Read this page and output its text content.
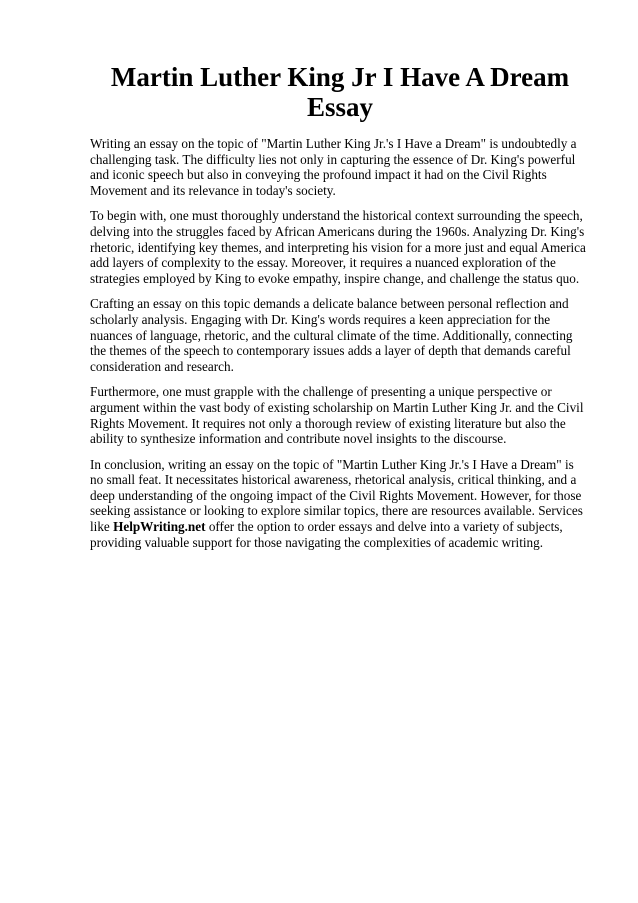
Martin Luther King Jr I Have A Dream Essay

Writing an essay on the topic of "Martin Luther King Jr.'s I Have a Dream" is undoubtedly a challenging task. The difficulty lies not only in capturing the essence of Dr. King's powerful and iconic speech but also in conveying the profound impact it had on the Civil Rights Movement and its relevance in today's society.

To begin with, one must thoroughly understand the historical context surrounding the speech, delving into the struggles faced by African Americans during the 1960s. Analyzing Dr. King's rhetoric, identifying key themes, and interpreting his vision for a more just and equal America add layers of complexity to the essay. Moreover, it requires a nuanced exploration of the strategies employed by King to evoke empathy, inspire change, and challenge the status quo.

Crafting an essay on this topic demands a delicate balance between personal reflection and scholarly analysis. Engaging with Dr. King's words requires a keen appreciation for the nuances of language, rhetoric, and the cultural climate of the time. Additionally, connecting the themes of the speech to contemporary issues adds a layer of depth that demands careful consideration and research.

Furthermore, one must grapple with the challenge of presenting a unique perspective or argument within the vast body of existing scholarship on Martin Luther King Jr. and the Civil Rights Movement. It requires not only a thorough review of existing literature but also the ability to synthesize information and contribute novel insights to the discourse.

In conclusion, writing an essay on the topic of "Martin Luther King Jr.'s I Have a Dream" is no small feat. It necessitates historical awareness, rhetorical analysis, critical thinking, and a deep understanding of the ongoing impact of the Civil Rights Movement. However, for those seeking assistance or looking to explore similar topics, there are resources available. Services like HelpWriting.net offer the option to order essays and delve into a variety of subjects, providing valuable support for those navigating the complexities of academic writing.
